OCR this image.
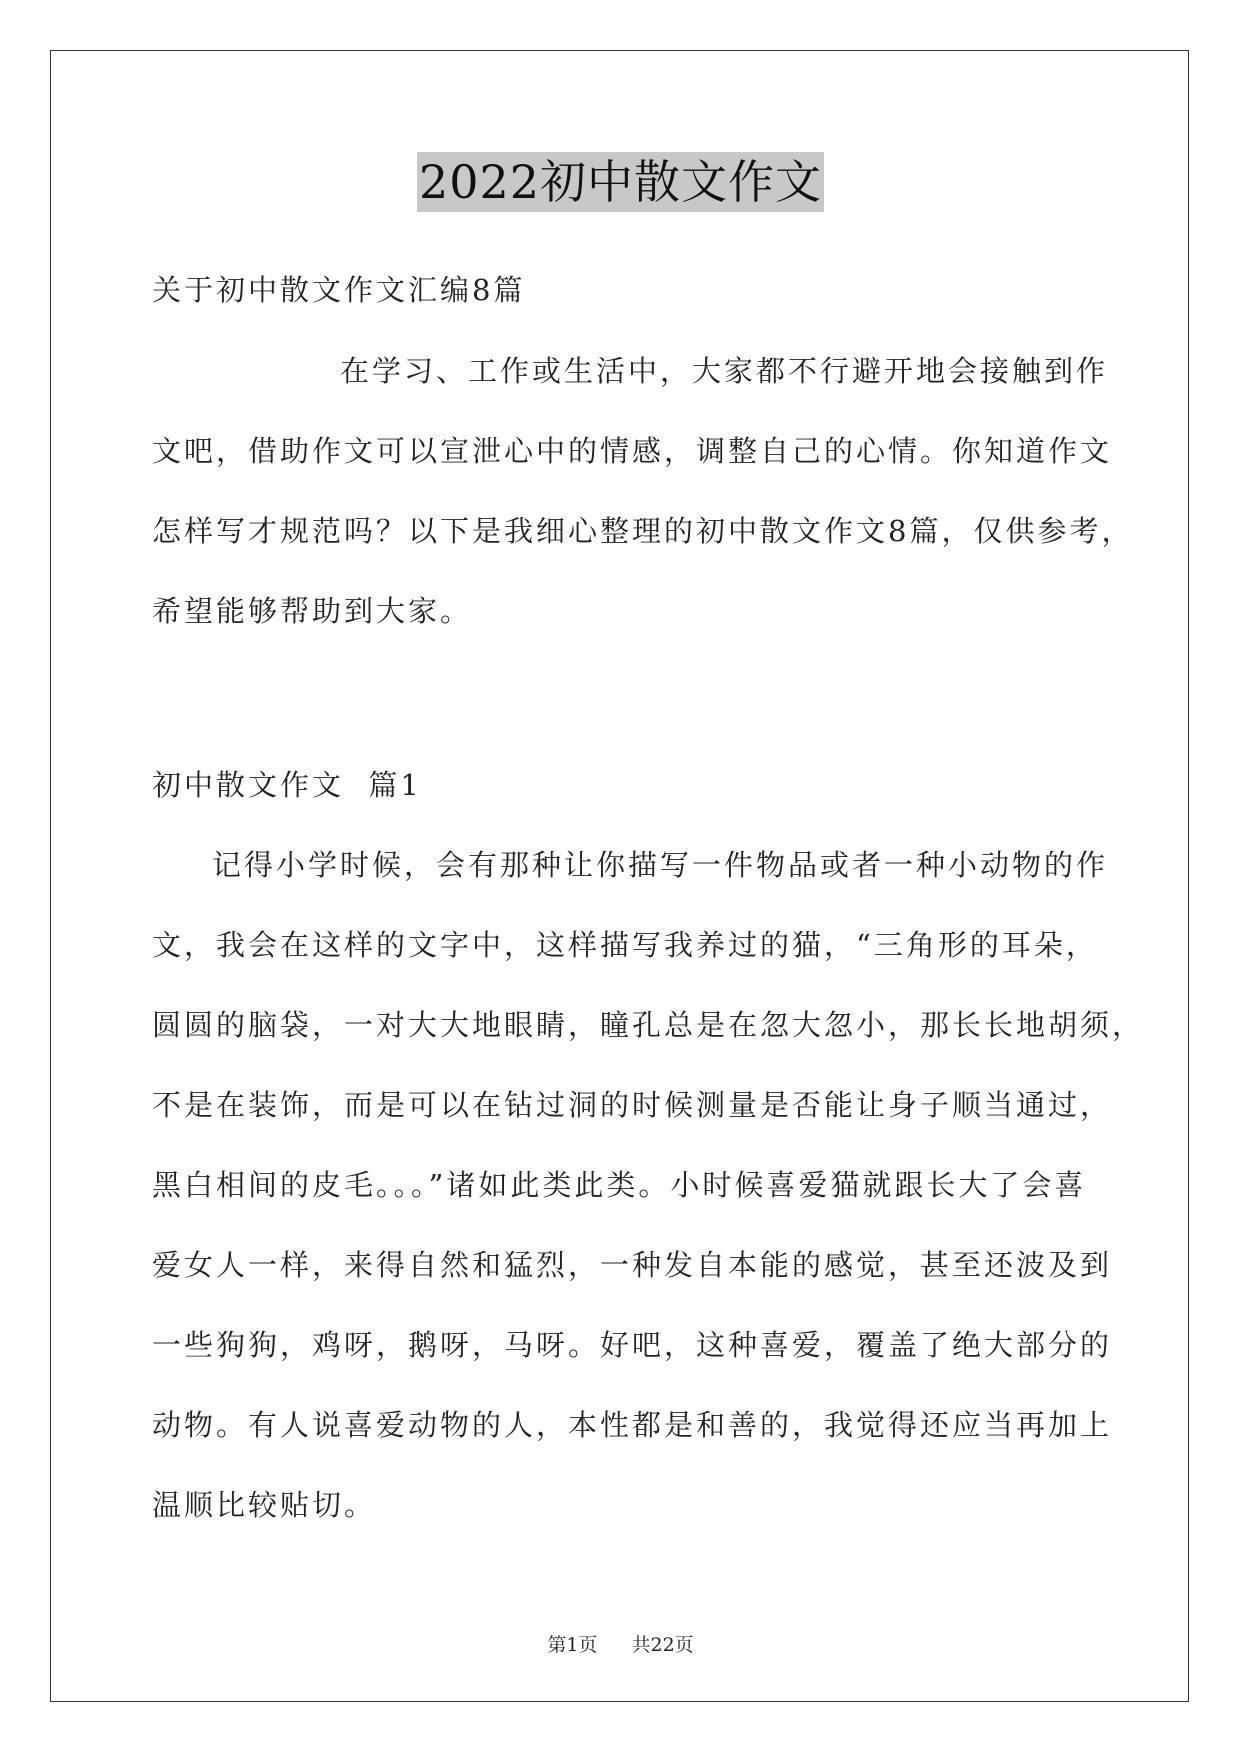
2022初中散文作文
关于初中散文作文汇编8篇
在学习、工作或生活中，大家都不行避开地会接触到作
文吧，借助作文可以宣泄心中的情感，调整自己的心情。你知道作文
怎样写才规范吗？以下是我细心整理的初中散文作文8篇，仅供参考，
希望能够帮助到大家。
初中散文作文  篇1
记得小学时候，会有那种让你描写一件物品或者一种小动物的作
文，我会在这样的文字中，这样描写我养过的猫，“三角形的耳朵，
圆圆的脑袋，一对大大地眼睛，瞳孔总是在忽大忽小，那长长地胡须，
不是在装饰，而是可以在钻过洞的时候测量是否能让身子顺当通过，
黑白相间的皮毛。。。”诸如此类此类。小时候喜爱猫就跟长大了会喜
爱女人一样，来得自然和猛烈，一种发自本能的感觉，甚至还波及到
一些狗狗，鸡呀，鹅呀，马呀。好吧，这种喜爱，覆盖了绝大部分的
动物。有人说喜爱动物的人，本性都是和善的，我觉得还应当再加上
温顺比较贴切。
第1页 共22页
